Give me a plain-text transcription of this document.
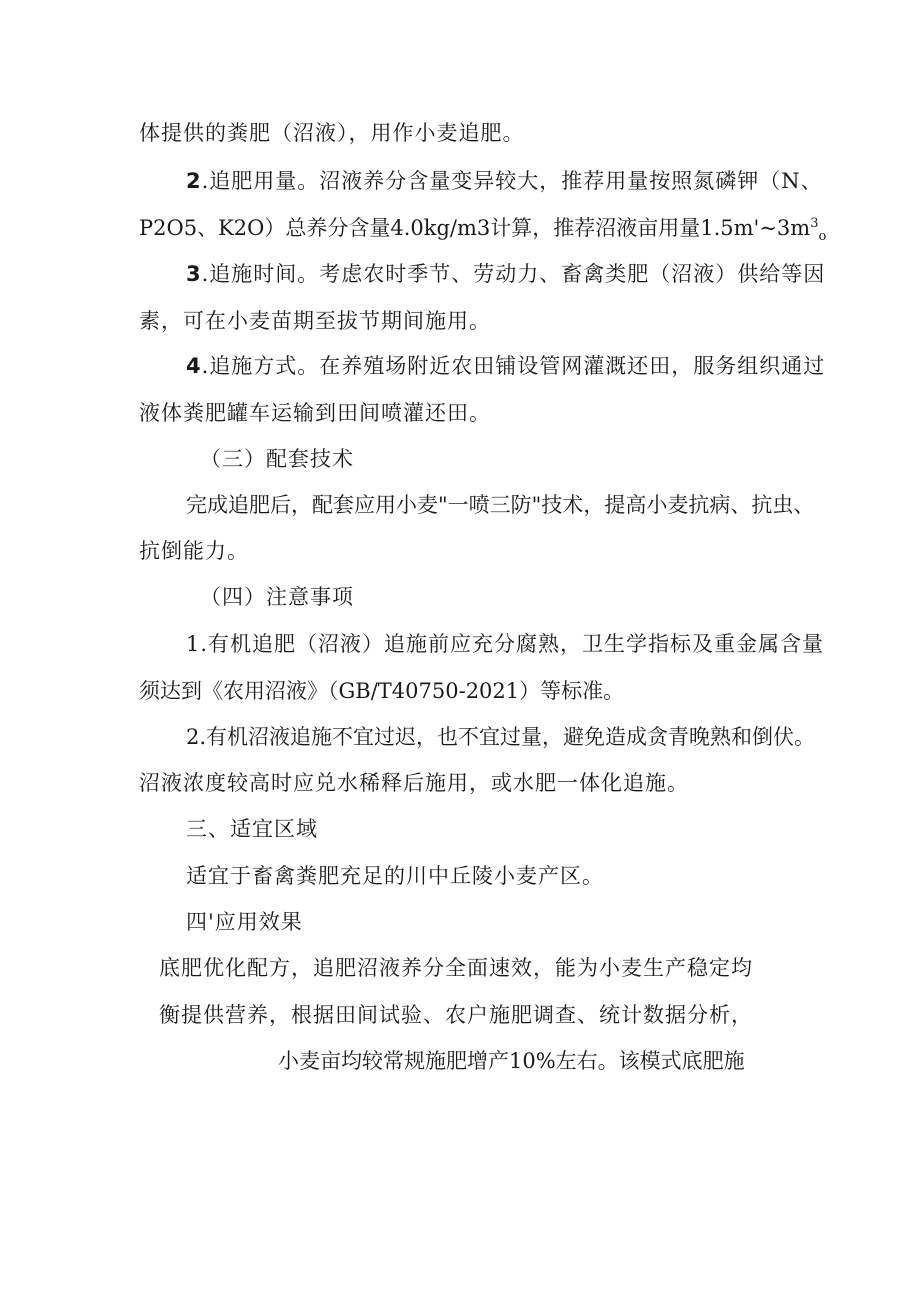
体提供的粪肥（沼液），用作小麦追肥。
2.追肥用量。沼液养分含量变异较大，推荐用量按照氮磷钾（N、
P2O5、K2O）总养分含量4.0kg/m3计算，推荐沼液亩用量$1.5m'\sim 3m^3_o$
3.追施时间。考虑农时季节、劳动力、畜禽类肥（沼液）供给等因
素，可在小麦苗期至拔节期间施用。
4.追施方式。在养殖场附近农田铺设管网灌溉还田，服务组织通过
液体粪肥罐车运输到田间喷灌还田。
（三）配套技术
完成追肥后，配套应用小麦"一喷三防"技术，提高小麦抗病、抗虫、
抗倒能力。
（四）注意事项
1.有机追肥（沼液）追施前应充分腐熟，卫生学指标及重金属含量
须达到《农用沼液》（GB/T40750-2021）等标准。
2.有机沼液追施不宜过迟，也不宜过量，避免造成贪青晚熟和倒伏。
沼液浓度较高时应兑水稀释后施用，或水肥一体化追施。
三、适宜区域
适宜于畜禽粪肥充足的川中丘陵小麦产区。
四'应用效果
底肥优化配方，追肥沼液养分全面速效，能为小麦生产稳定均
衡提供营养，根据田间试验、农户施肥调查、统计数据分析，
小麦亩均较常规施肥增产10%左右。该模式底肥施
